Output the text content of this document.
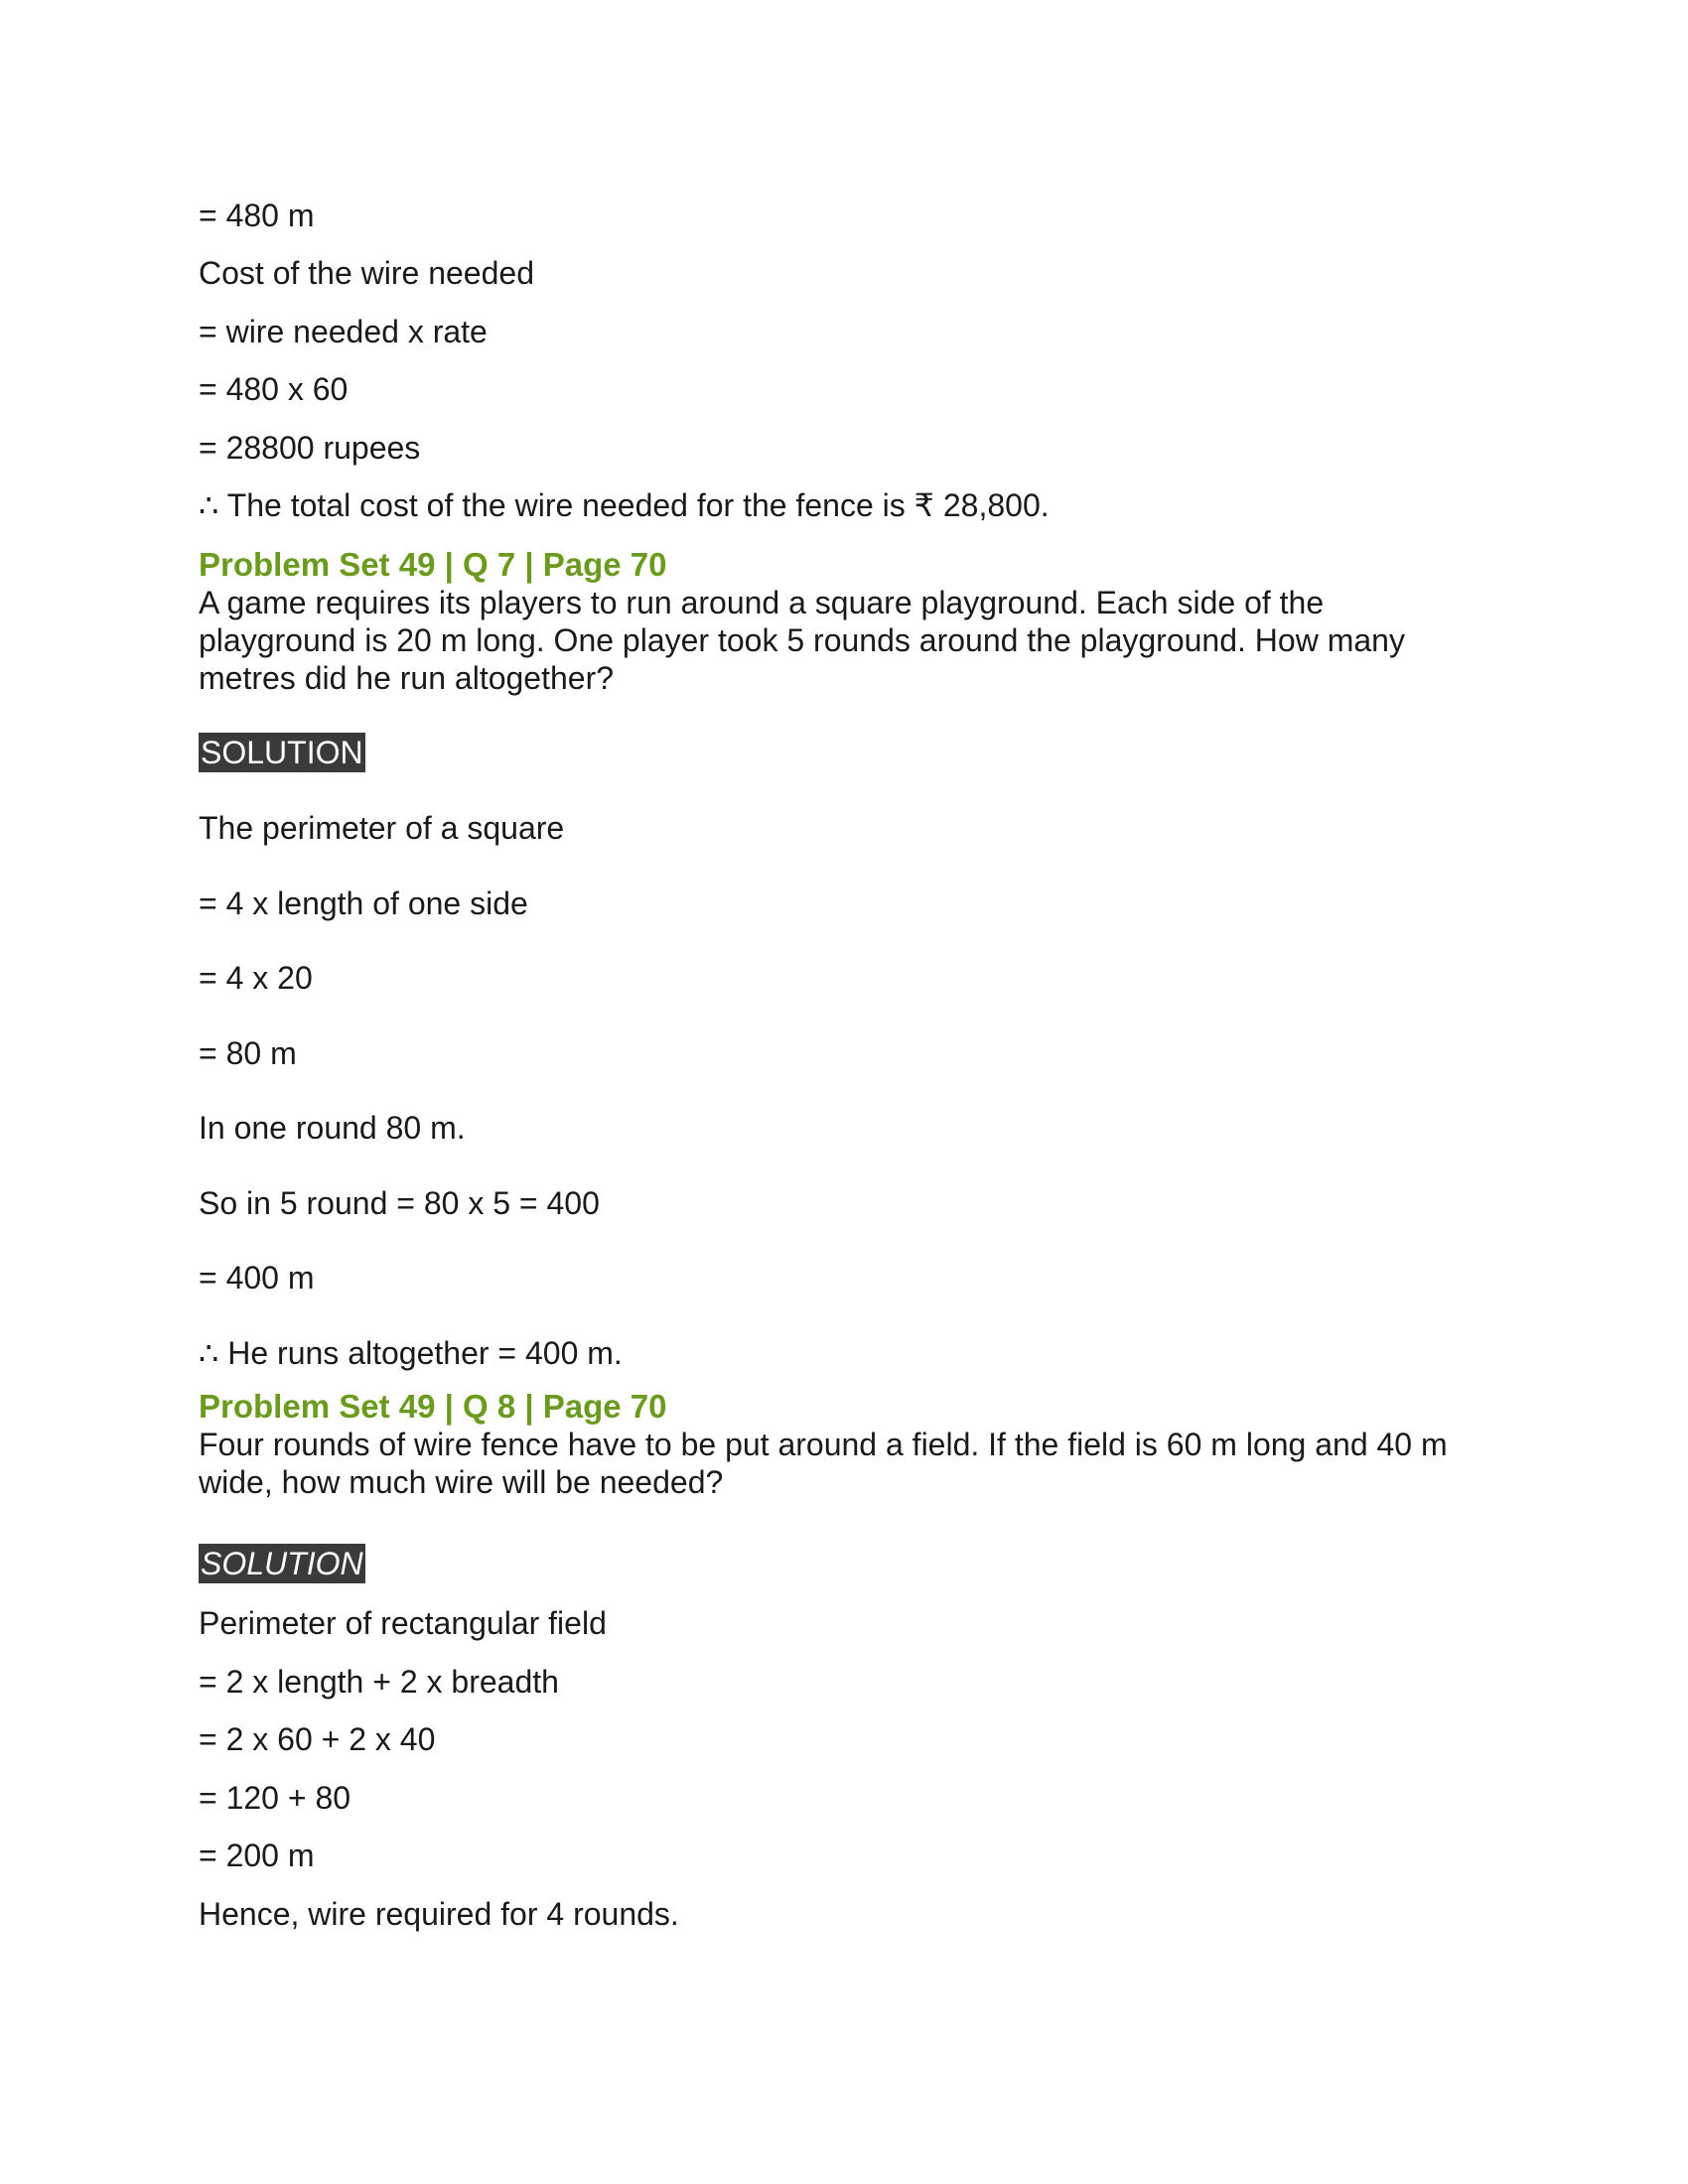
= 480 m
Cost of the wire needed
= wire needed x rate
= 480 x 60
= 28800 rupees
∴ The total cost of the wire needed for the fence is ₹ 28,800.
Problem Set 49 | Q 7 | Page 70
A game requires its players to run around a square playground. Each side of the playground is 20 m long. One player took 5 rounds around the playground. How many metres did he run altogether?
SOLUTION
The perimeter of a square
= 4 x length of one side
= 4 x 20
= 80 m
In one round 80 m.
So in 5 round = 80 x 5 = 400
= 400 m
∴ He runs altogether = 400 m.
Problem Set 49 | Q 8 | Page 70
Four rounds of wire fence have to be put around a field. If the field is 60 m long and 40 m wide, how much wire will be needed?
SOLUTION
Perimeter of rectangular field
= 2 x length + 2 x breadth
= 2 x 60 + 2 x 40
= 120 + 80
= 200 m
Hence, wire required for 4 rounds.
